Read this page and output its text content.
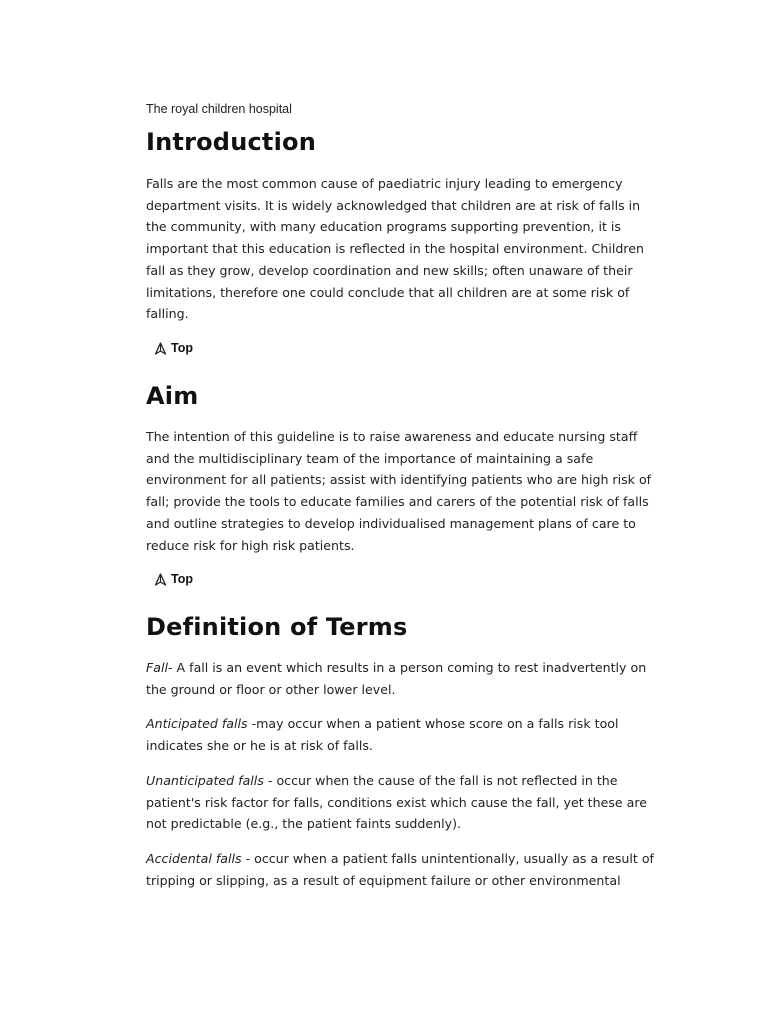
The royal children hospital
Introduction

Falls are the most common cause of paediatric injury leading to emergency department visits. It is widely acknowledged that children are at risk of falls in the community, with many education programs supporting prevention, it is important that this education is reflected in the hospital environment. Children fall as they grow, develop coordination and new skills; often unaware of their limitations, therefore one could conclude that all children are at some risk of falling.

Top
Aim

The intention of this guideline is to raise awareness and educate nursing staff and the multidisciplinary team of the importance of maintaining a safe environment for all patients; assist with identifying patients who are high risk of fall; provide the tools to educate families and carers of the potential risk of falls and outline strategies to develop individualised management plans of care to reduce risk for high risk patients.

Top
Definition of Terms

Fall- A fall is an event which results in a person coming to rest inadvertently on the ground or floor or other lower level.

Anticipated falls -may occur when a patient whose score on a falls risk tool indicates she or he is at risk of falls.

Unanticipated falls - occur when the cause of the fall is not reflected in the patient's risk factor for falls, conditions exist which cause the fall, yet these are not predictable (e.g., the patient faints suddenly).

Accidental falls - occur when a patient falls unintentionally, usually as a result of tripping or slipping, as a result of equipment failure or other environmental
